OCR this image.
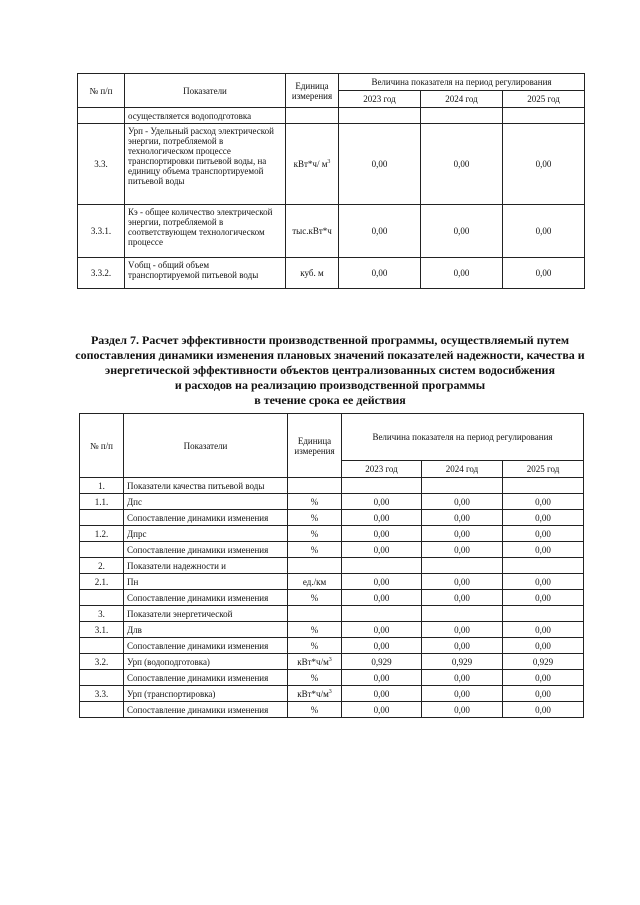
№ п/п	Показатели	Единица измерения	Величина показателя на период регулирования		
			2023 год	2024 год	2025 год
	осуществляется водоподготовка				
3.3.	Урп - Удельный расход электрической энергии, потребляемой в технологическом процессе транспортировки питьевой воды, на единицу объема транспортируемой питьевой воды	кВт*ч/ $м^3$	0,00	0,00	0,00
3.3.1.	Кэ - общее количество электрической энергии, потребляемой в соответствующем технологическом процессе	тыс.кВт*ч	0,00	0,00	0,00
3.3.2.	Vобщ - общий объем транспортируемой питьевой воды	куб. м	0,00	0,00	0,00
Раздел 7. Расчет эффективности производственной программы, осуществляемый путем
сопоставления динамики изменения плановых значений показателей надежности, качества и
энергетической эффективности объектов централизованных систем водосибжения
и расходов на реализацию производственной программы
в течение срока ее действия
№ п/п	Показатели	Единица измерения	Величина показателя на период регулирования		
			2023 год	2024 год	2025 год
1.	Показатели качества питьевой воды				
1.1.	Дпс	%	0,00	0,00	0,00
	Сопоставление динамики изменения	%	0,00	0,00	0,00
1.2.	Дпрс	%	0,00	0,00	0,00
	Сопоставление динамики изменения	%	0,00	0,00	0,00
2.	Показатели надежности и				
2.1.	Пн	ед./км	0,00	0,00	0,00
	Сопоставление динамики изменения	%	0,00	0,00	0,00
3.	Показатели энергетической				
3.1.	Длв	%	0,00	0,00	0,00
	Сопоставление динамики изменения	%	0,00	0,00	0,00
3.2.	Урп (водоподготовка)	$кВт*ч/м^3$	0,929	0,929	0,929
	Сопоставление динамики изменения	%	0,00	0,00	0,00
3.3.	Урп (транспортировка)	$кВт*ч/м^3$	0,00	0,00	0,00
	Сопоставление динамики изменения	%	0,00	0,00	0,00
